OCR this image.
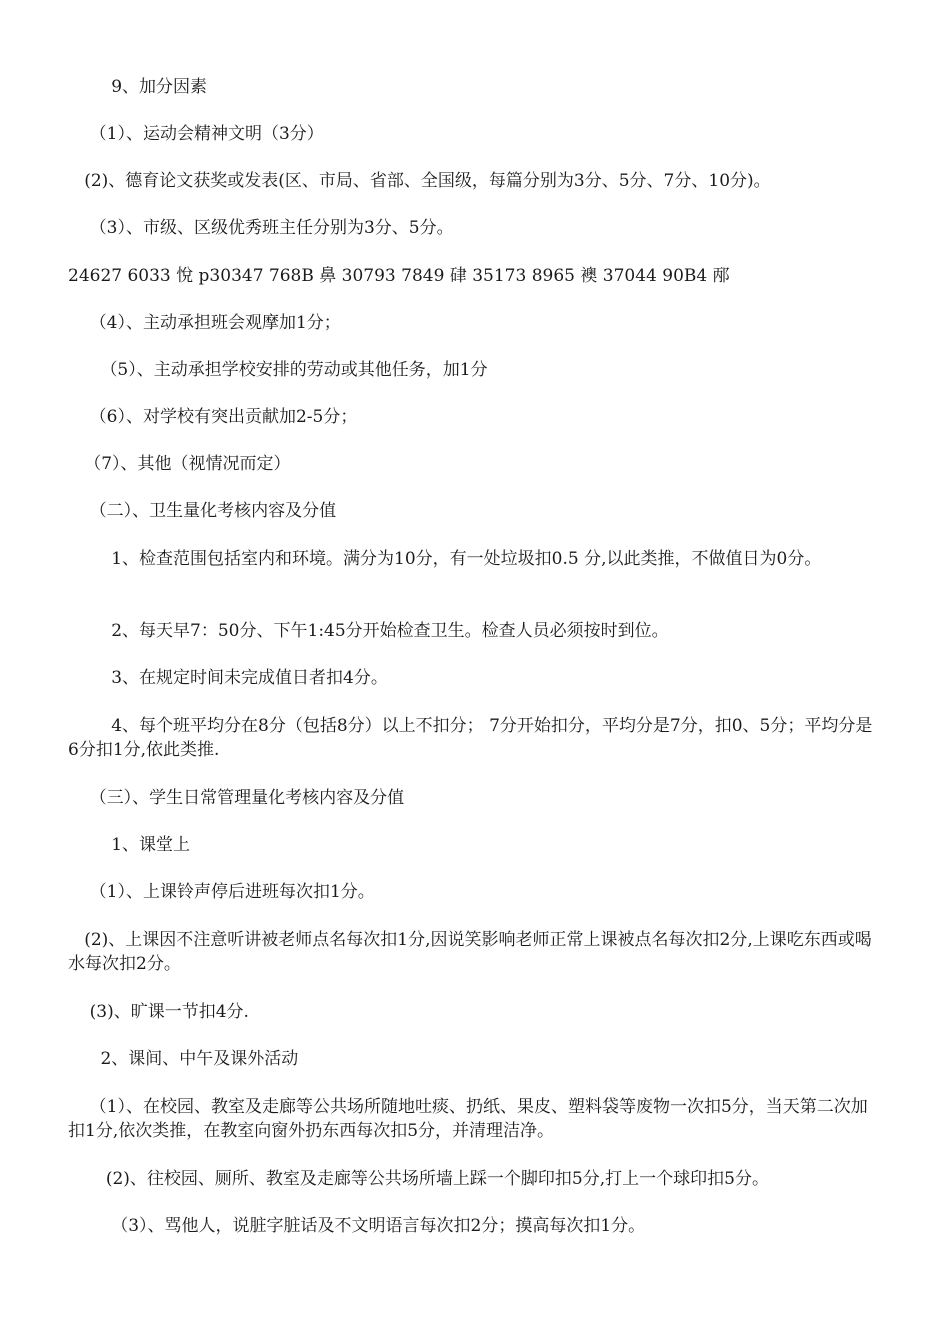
9、加分因素

（1）、运动会精神文明（3分）

(2)、德育论文获奖或发表(区、市局、省部、全国级，每篇分别为3分、5分、7分、10分)。

（3）、市级、区级优秀班主任分别为3分、5分。

24627 6033 悅 p30347 768B 鼻 30793 7849 硉 35173 8965 襖 37044 90B4 邴

（4）、主动承担班会观摩加1分；

（5）、主动承担学校安排的劳动或其他任务，加1分

（6）、对学校有突出贡献加2-5分；

（7）、其他（视情况而定）

（二）、卫生量化考核内容及分值

1、检查范围包括室内和环境。满分为10分，有一处垃圾扣0.5 分,以此类推，不做值日为0分。

2、每天早7：50分、下午1:45分开始检查卫生。检查人员必须按时到位。

3、在规定时间未完成值日者扣4分。

4、每个班平均分在8分（包括8分）以上不扣分； 7分开始扣分，平均分是7分，扣0、5分；平均分是6分扣1分,依此类推.

（三）、学生日常管理量化考核内容及分值

1、课堂上

（1）、上课铃声停后进班每次扣1分。

(2)、上课因不注意听讲被老师点名每次扣1分,因说笑影响老师正常上课被点名每次扣2分,上课吃东西或喝水每次扣2分。

(3)、旷课一节扣4分.

2、课间、中午及课外活动

（1）、在校园、教室及走廊等公共场所随地吐痰、扔纸、果皮、塑料袋等废物一次扣5分，当天第二次加扣1分,依次类推，在教室向窗外扔东西每次扣5分，并清理洁净。

(2)、往校园、厕所、教室及走廊等公共场所墙上踩一个脚印扣5分,打上一个球印扣5分。

（3）、骂他人，说脏字脏话及不文明语言每次扣2分；摸高每次扣1分。
